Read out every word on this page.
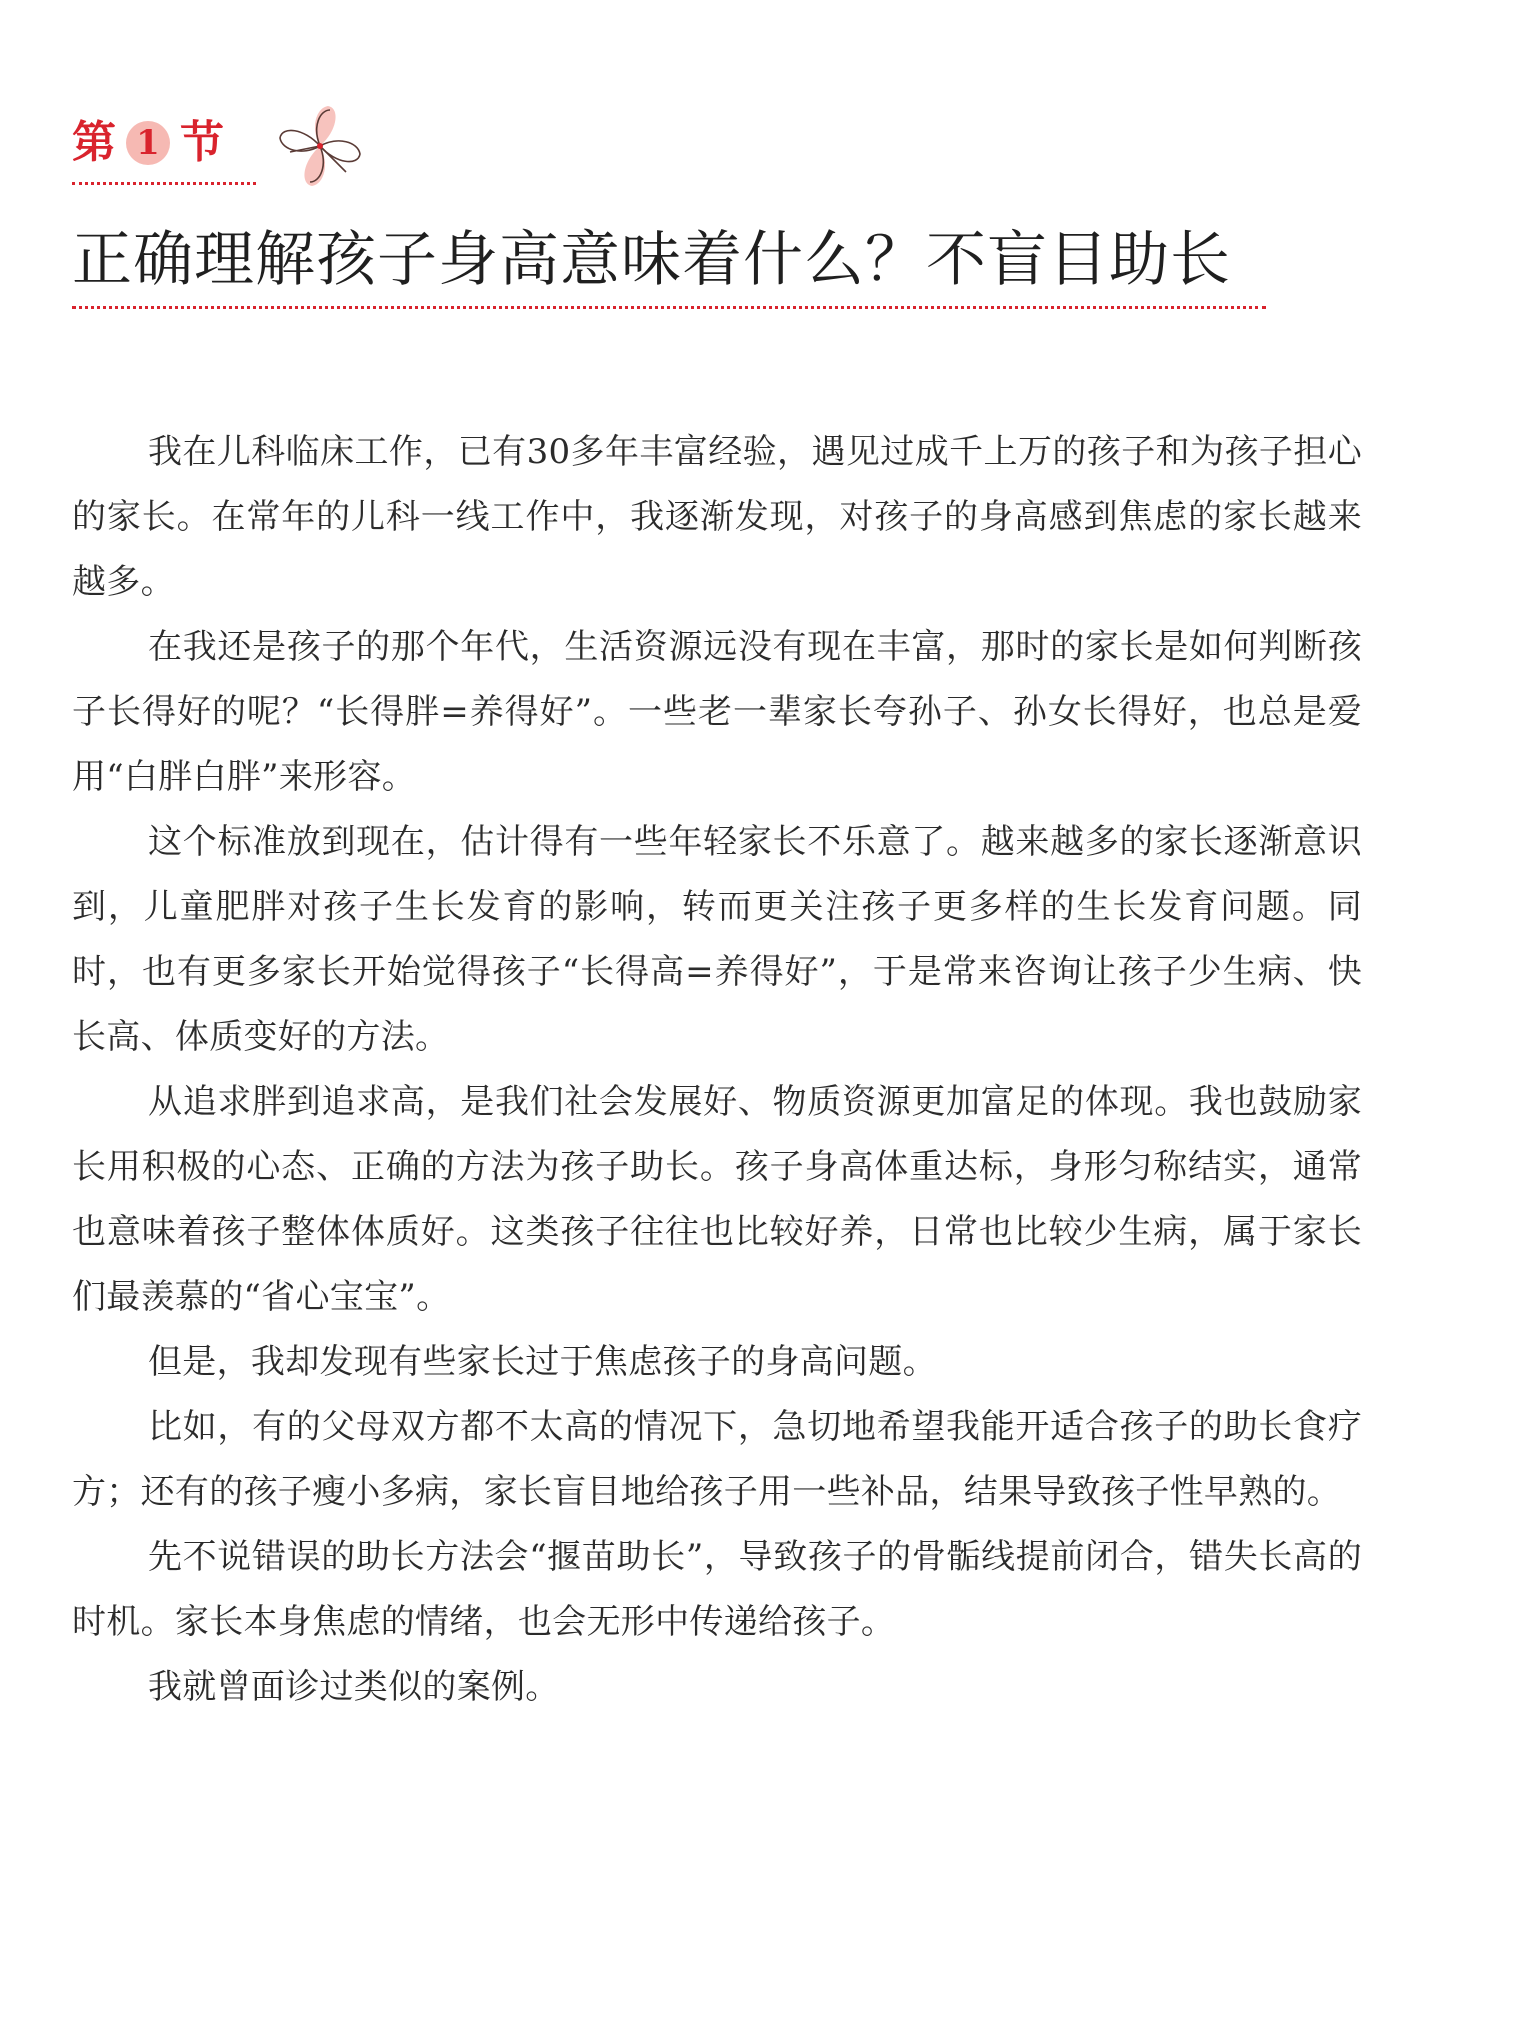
第 1 节
正确理解孩子身高意味着什么？不盲目助长

我在儿科临床工作，已有30多年丰富经验，遇见过成千上万的孩子和为孩子担心的家长。在常年的儿科一线工作中，我逐渐发现，对孩子的身高感到焦虑的家长越来越多。

在我还是孩子的那个年代，生活资源远没有现在丰富，那时的家长是如何判断孩子长得好的呢？“长得胖=养得好”。一些老一辈家长夸孙子、孙女长得好，也总是爱用“白胖白胖”来形容。

这个标准放到现在，估计得有一些年轻家长不乐意了。越来越多的家长逐渐意识到，儿童肥胖对孩子生长发育的影响，转而更关注孩子更多样的生长发育问题。同时，也有更多家长开始觉得孩子“长得高=养得好”，于是常来咨询让孩子少生病、快长高、体质变好的方法。

从追求胖到追求高，是我们社会发展好、物质资源更加富足的体现。我也鼓励家长用积极的心态、正确的方法为孩子助长。孩子身高体重达标，身形匀称结实，通常也意味着孩子整体体质好。这类孩子往往也比较好养，日常也比较少生病，属于家长们最羡慕的“省心宝宝”。

但是，我却发现有些家长过于焦虑孩子的身高问题。

比如，有的父母双方都不太高的情况下，急切地希望我能开适合孩子的助长食疗方；还有的孩子瘦小多病，家长盲目地给孩子用一些补品，结果导致孩子性早熟的。

先不说错误的助长方法会“揠苗助长”，导致孩子的骨骺线提前闭合，错失长高的时机。家长本身焦虑的情绪，也会无形中传递给孩子。

我就曾面诊过类似的案例。
